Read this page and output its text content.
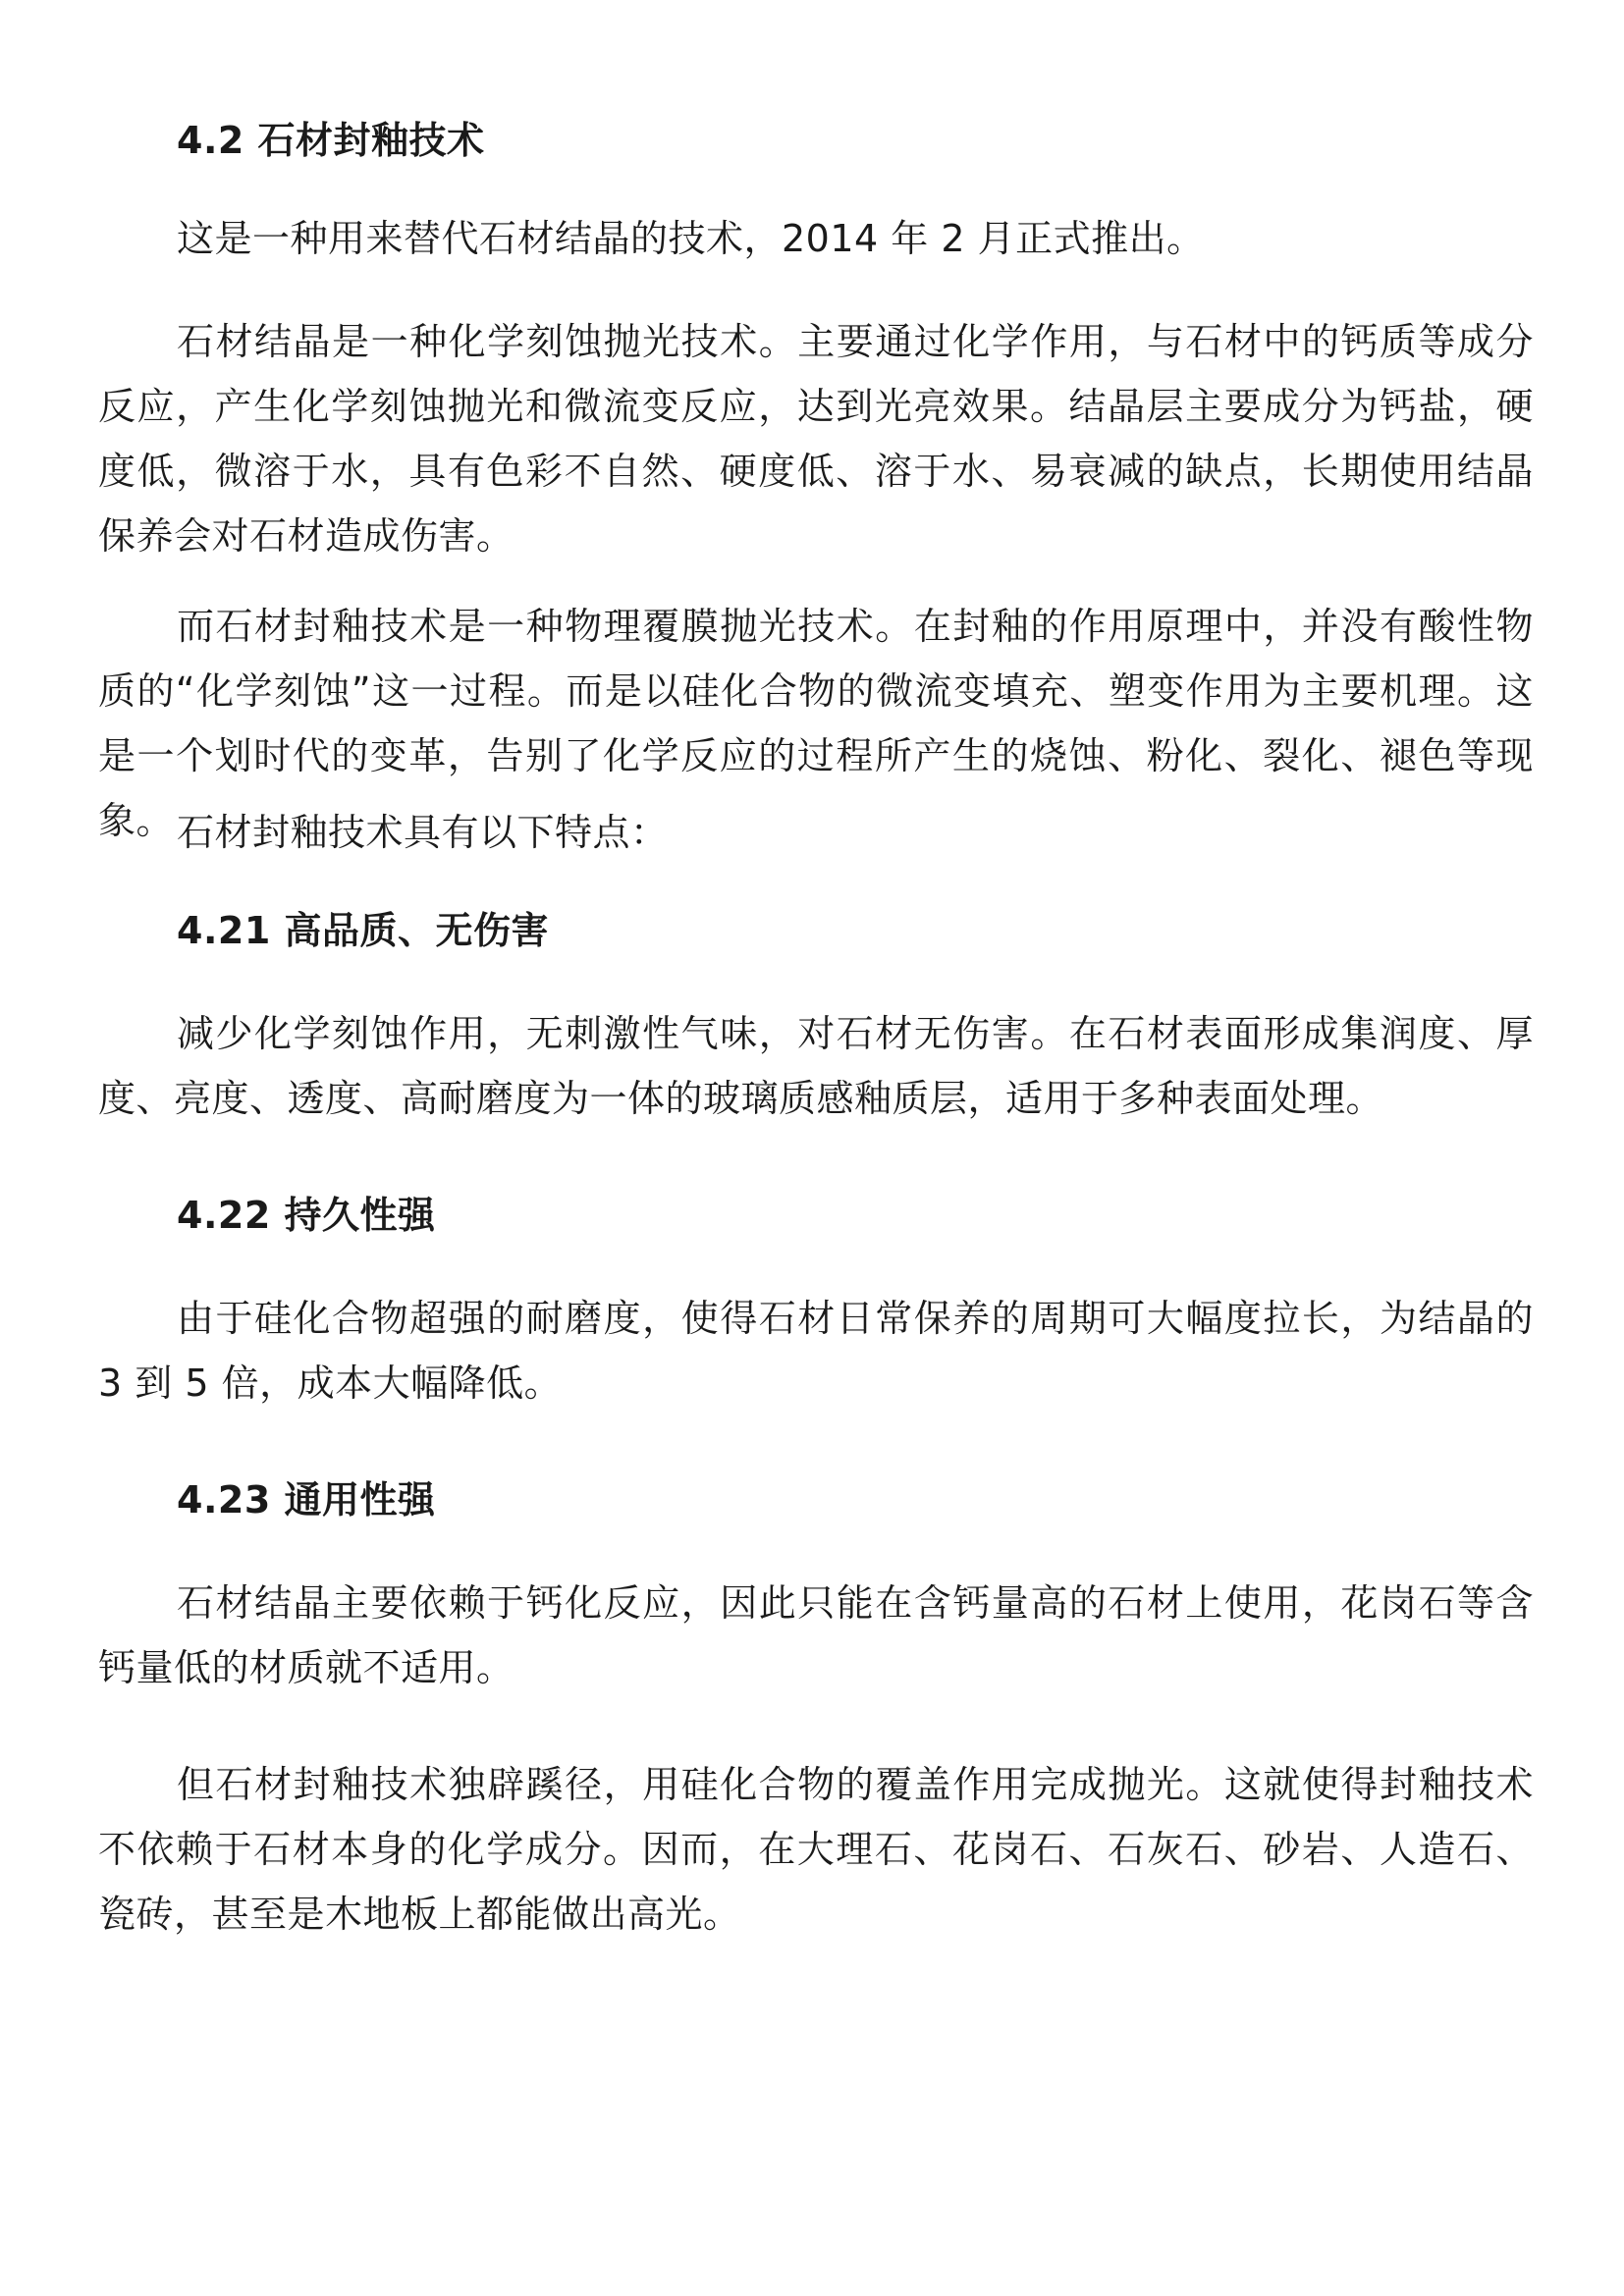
4.2 石材封釉技术

这是一种用来替代石材结晶的技术，2014 年 2 月正式推出。

石材结晶是一种化学刻蚀抛光技术。主要通过化学作用，与石材中的钙质等成分反应，产生化学刻蚀抛光和微流变反应，达到光亮效果。结晶层主要成分为钙盐，硬度低，微溶于水，具有色彩不自然、硬度低、溶于水、易衰减的缺点，长期使用结晶保养会对石材造成伤害。

而石材封釉技术是一种物理覆膜抛光技术。在封釉的作用原理中，并没有酸性物质的“化学刻蚀”这一过程。而是以硅化合物的微流变填充、塑变作用为主要机理。这是一个划时代的变革，告别了化学反应的过程所产生的烧蚀、粉化、裂化、褪色等现象。 石材封釉技术具有以下特点：

4.21 高品质、无伤害

减少化学刻蚀作用，无刺激性气味，对石材无伤害。在石材表面形成集润度、厚度、亮度、透度、高耐磨度为一体的玻璃质感釉质层，适用于多种表面处理。

4.22 持久性强

由于硅化合物超强的耐磨度，使得石材日常保养的周期可大幅度拉长，为结晶的 3 到 5 倍，成本大幅降低。

4.23 通用性强

石材结晶主要依赖于钙化反应，因此只能在含钙量高的石材上使用，花岗石等含钙量低的材质就不适用。

但石材封釉技术独辟蹊径，用硅化合物的覆盖作用完成抛光。这就使得封釉技术不依赖于石材本身的化学成分。因而，在大理石、花岗石、石灰石、砂岩、人造石、瓷砖，甚至是木地板上都能做出高光。
